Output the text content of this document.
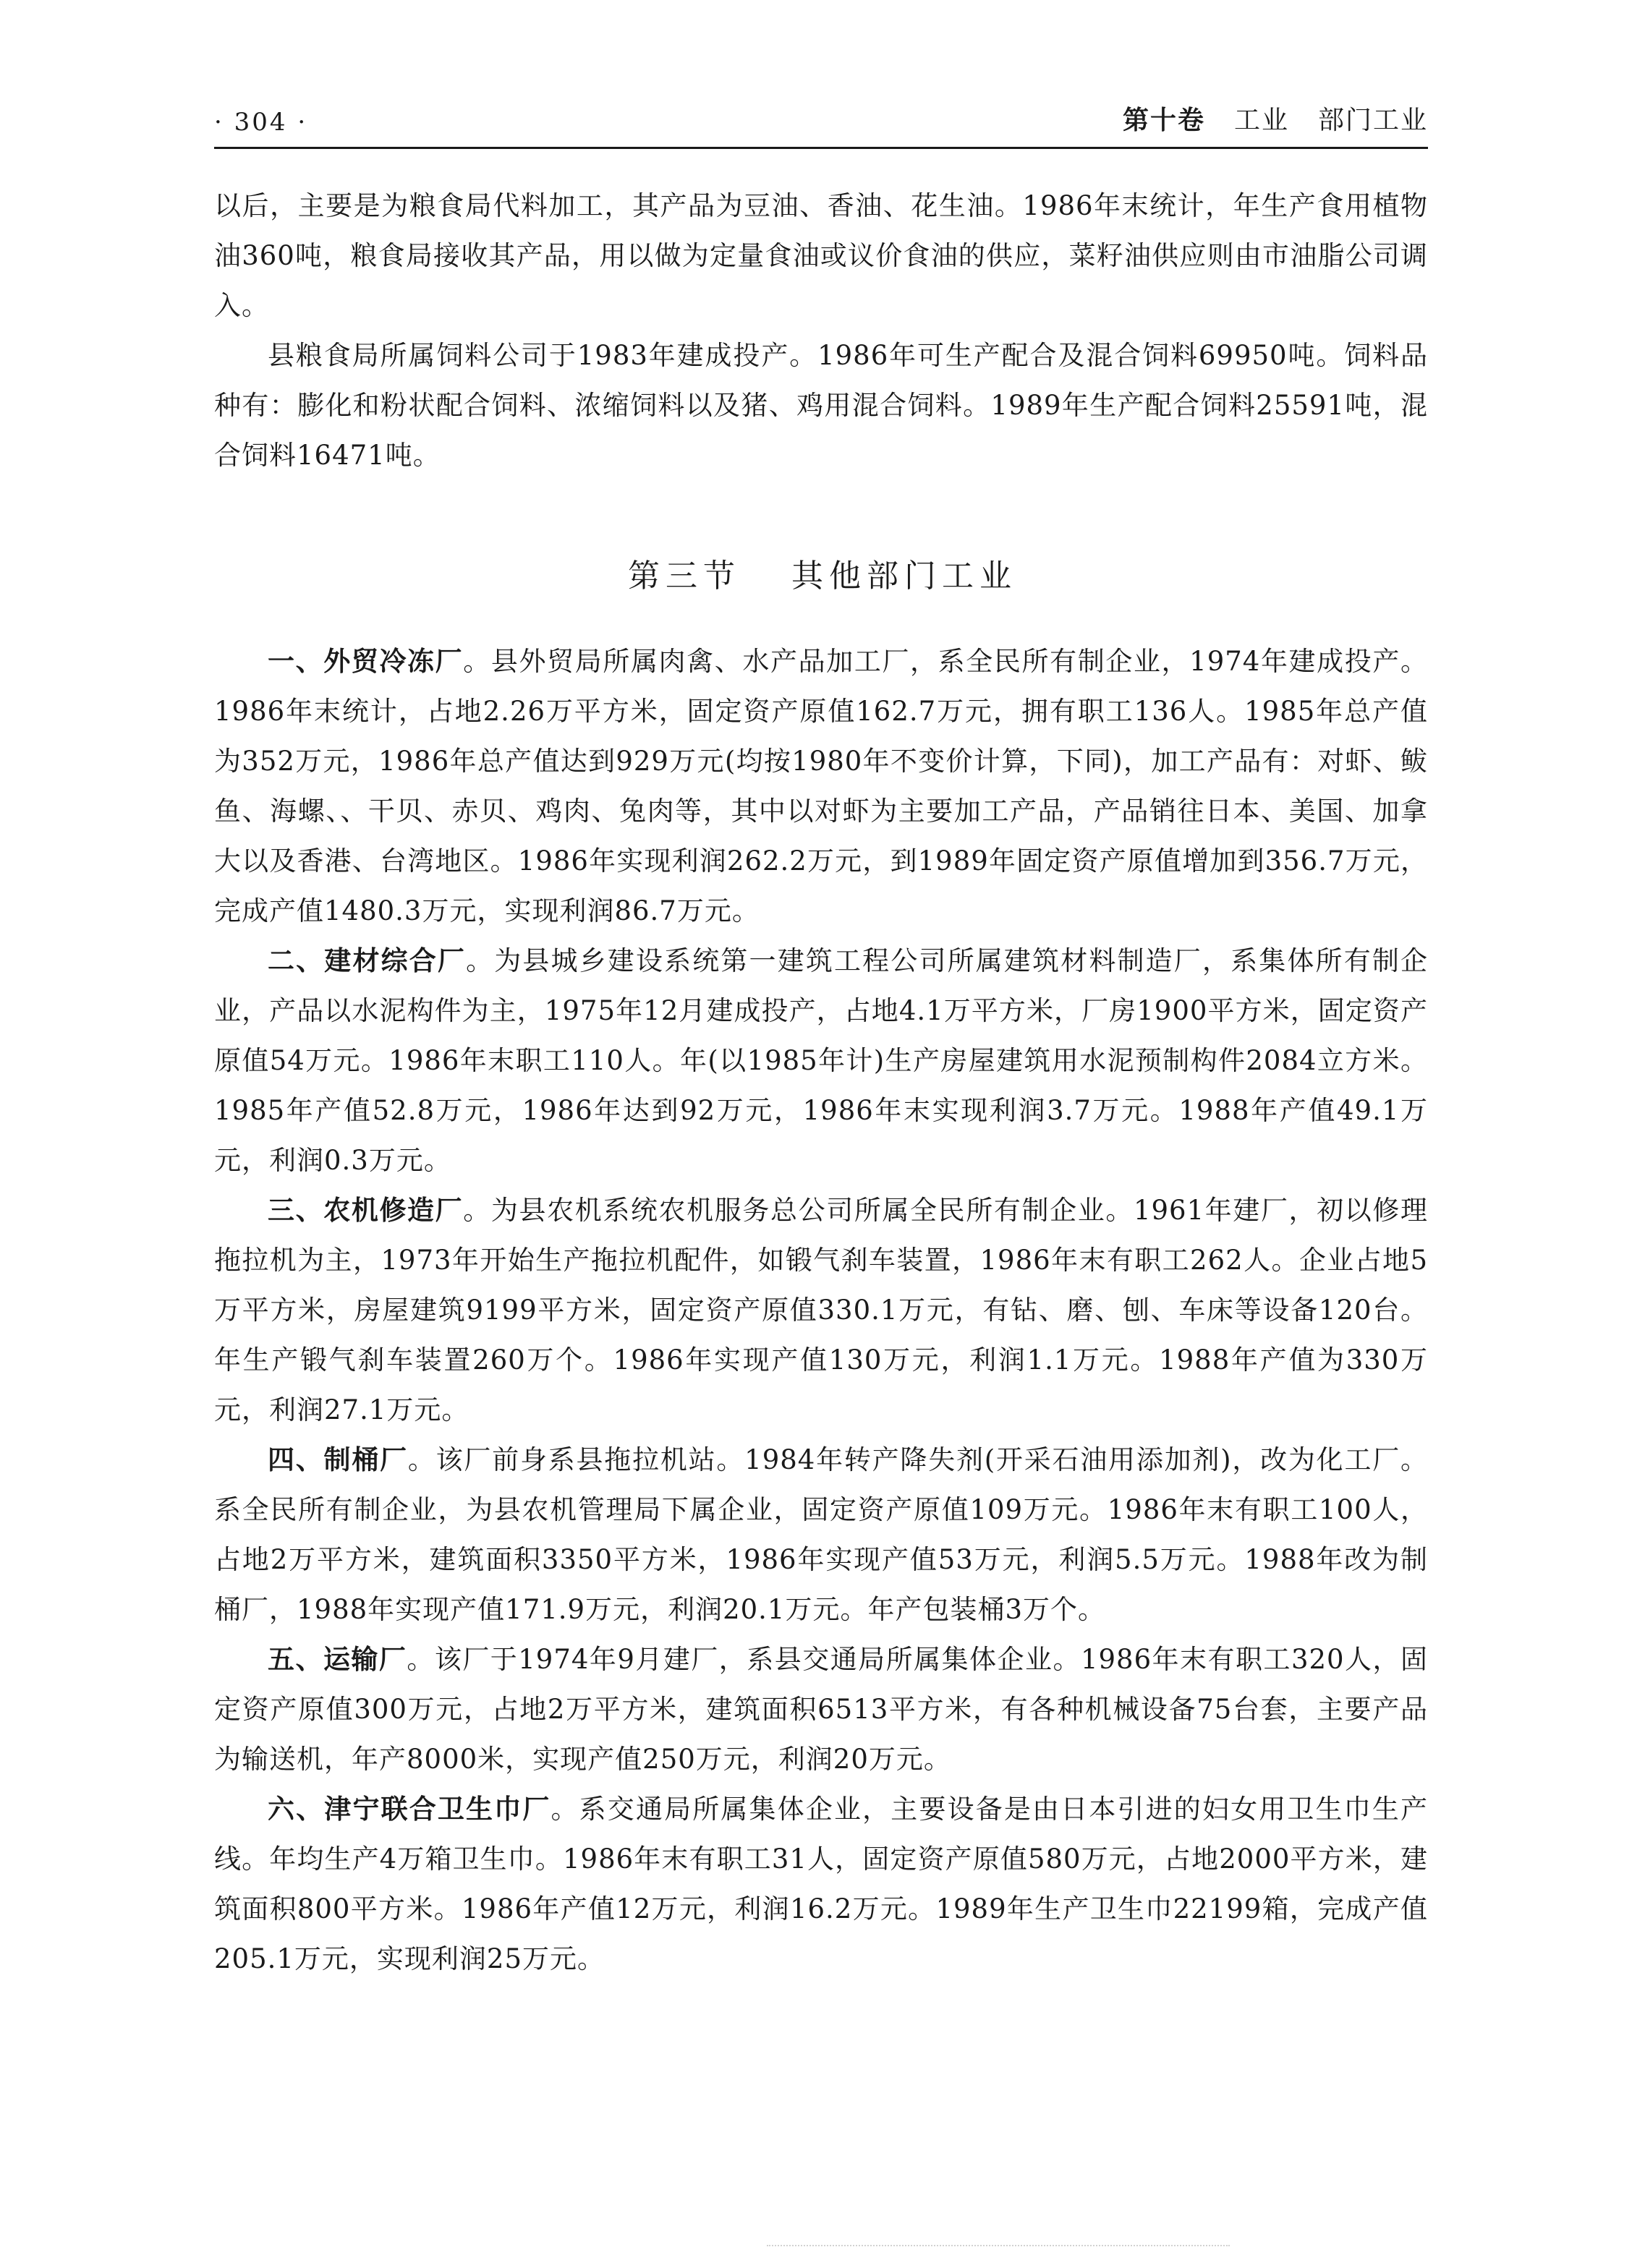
· 304 ·	第十卷 工业 部门工业

以后，主要是为粮食局代料加工，其产品为豆油、香油、花生油。1986年末统计，年生产食用植物油360吨，粮食局接收其产品，用以做为定量食油或议价食油的供应，菜籽油供应则由市油脂公司调入。

县粮食局所属饲料公司于1983年建成投产。1986年可生产配合及混合饲料69950吨。饲料品种有：膨化和粉状配合饲料、浓缩饲料以及猪、鸡用混合饲料。1989年生产配合饲料25591吨，混合饲料16471吨。

第三节 其他部门工业

一、外贸冷冻厂。县外贸局所属肉禽、水产品加工厂，系全民所有制企业，1974年建成投产。1986年末统计，占地2.26万平方米，固定资产原值162.7万元，拥有职工136人。1985年总产值为352万元，1986年总产值达到929万元(均按1980年不变价计算，下同)，加工产品有：对虾、鲅鱼、海螺、、干贝、赤贝、鸡肉、兔肉等，其中以对虾为主要加工产品，产品销往日本、美国、加拿大以及香港、台湾地区。1986年实现利润262.2万元，到1989年固定资产原值增加到356.7万元，完成产值1480.3万元，实现利润86.7万元。

二、建材综合厂。为县城乡建设系统第一建筑工程公司所属建筑材料制造厂，系集体所有制企业，产品以水泥构件为主，1975年12月建成投产，占地4.1万平方米，厂房1900平方米，固定资产原值54万元。1986年末职工110人。年(以1985年计)生产房屋建筑用水泥预制构件2084立方米。1985年产值52.8万元，1986年达到92万元，1986年末实现利润3.7万元。1988年产值49.1万元，利润0.3万元。

三、农机修造厂。为县农机系统农机服务总公司所属全民所有制企业。1961年建厂，初以修理拖拉机为主，1973年开始生产拖拉机配件，如锻气刹车装置，1986年末有职工262人。企业占地5万平方米，房屋建筑9199平方米，固定资产原值330.1万元，有钻、磨、刨、车床等设备120台。年生产锻气刹车装置260万个。1986年实现产值130万元，利润1.1万元。1988年产值为330万元，利润27.1万元。

四、制桶厂。该厂前身系县拖拉机站。1984年转产降失剂(开采石油用添加剂)，改为化工厂。系全民所有制企业，为县农机管理局下属企业，固定资产原值109万元。1986年末有职工100人，占地2万平方米，建筑面积3350平方米，1986年实现产值53万元，利润5.5万元。1988年改为制桶厂，1988年实现产值171.9万元，利润20.1万元。年产包装桶3万个。

五、运输厂。该厂于1974年9月建厂，系县交通局所属集体企业。1986年末有职工320人，固定资产原值300万元，占地2万平方米，建筑面积6513平方米，有各种机械设备75台套，主要产品为输送机，年产8000米，实现产值250万元，利润20万元。

六、津宁联合卫生巾厂。系交通局所属集体企业，主要设备是由日本引进的妇女用卫生巾生产线。年均生产4万箱卫生巾。1986年末有职工31人，固定资产原值580万元，占地2000平方米，建筑面积800平方米。1986年产值12万元，利润16.2万元。1989年生产卫生巾22199箱，完成产值205.1万元，实现利润25万元。
